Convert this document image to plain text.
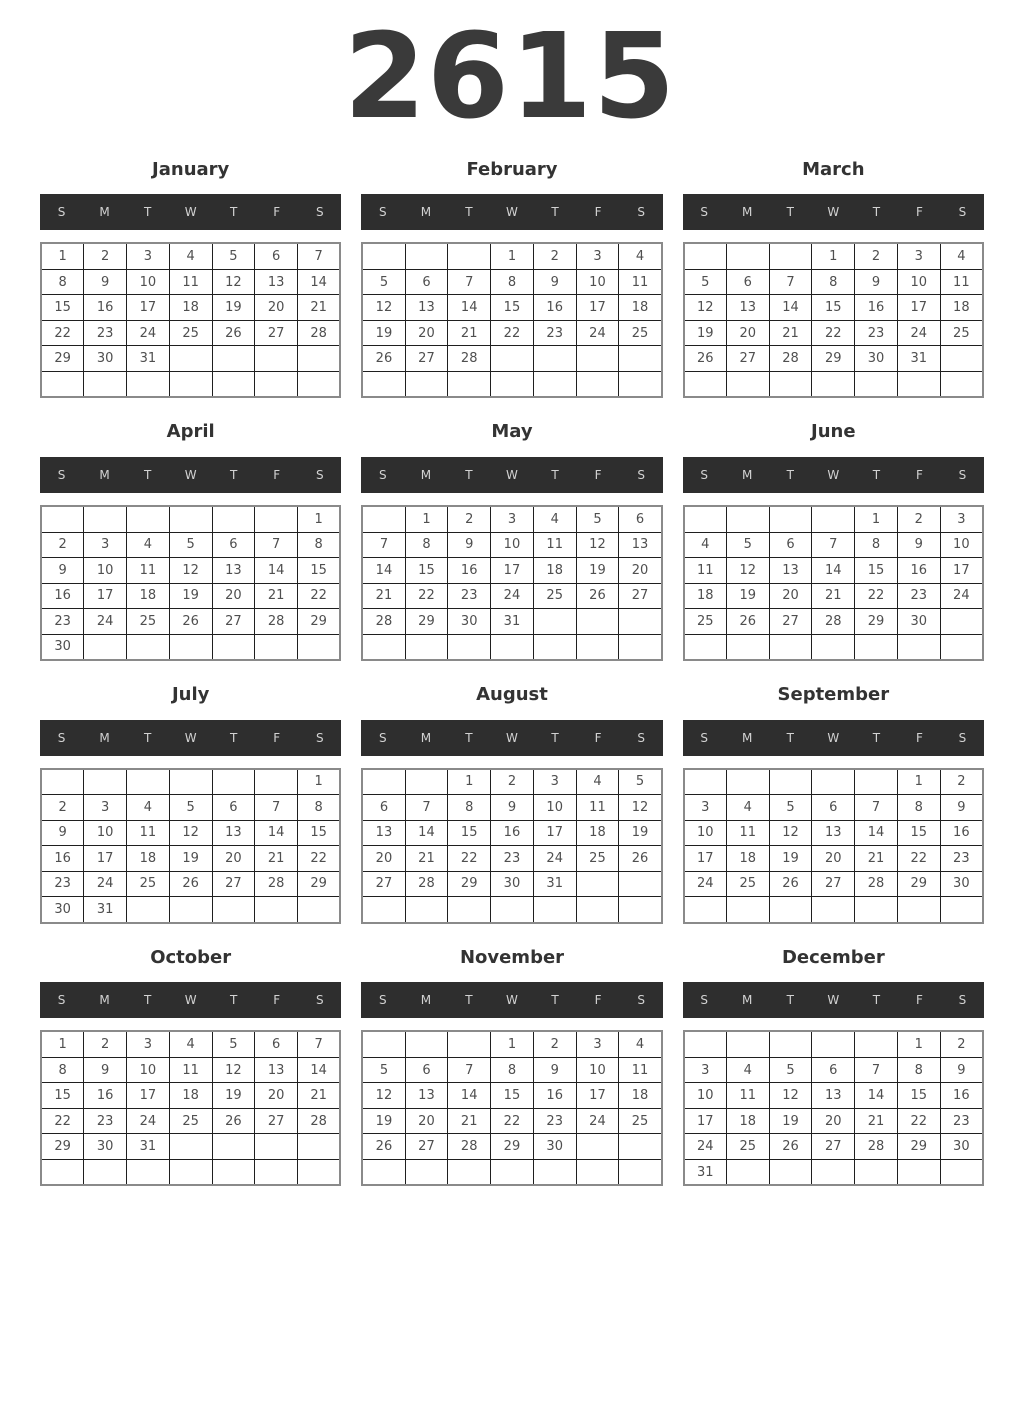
2615
January
S	M	T	W	T	F	S
1	2	3	4	5	6	7
8	9	10	11	12	13	14
15	16	17	18	19	20	21
22	23	24	25	26	27	28
29	30	31				

February
S	M	T	W	T	F	S
			1	2	3	4
5	6	7	8	9	10	11
12	13	14	15	16	17	18
19	20	21	22	23	24	25
26	27	28				

March
S	M	T	W	T	F	S
			1	2	3	4
5	6	7	8	9	10	11
12	13	14	15	16	17	18
19	20	21	22	23	24	25
26	27	28	29	30	31	

April
S	M	T	W	T	F	S
						1
2	3	4	5	6	7	8
9	10	11	12	13	14	15
16	17	18	19	20	21	22
23	24	25	26	27	28	29
30						
May
S	M	T	W	T	F	S
	1	2	3	4	5	6
7	8	9	10	11	12	13
14	15	16	17	18	19	20
21	22	23	24	25	26	27
28	29	30	31			

June
S	M	T	W	T	F	S
				1	2	3
4	5	6	7	8	9	10
11	12	13	14	15	16	17
18	19	20	21	22	23	24
25	26	27	28	29	30	

July
S	M	T	W	T	F	S
						1
2	3	4	5	6	7	8
9	10	11	12	13	14	15
16	17	18	19	20	21	22
23	24	25	26	27	28	29
30	31					
August
S	M	T	W	T	F	S
		1	2	3	4	5
6	7	8	9	10	11	12
13	14	15	16	17	18	19
20	21	22	23	24	25	26
27	28	29	30	31		

September
S	M	T	W	T	F	S
					1	2
3	4	5	6	7	8	9
10	11	12	13	14	15	16
17	18	19	20	21	22	23
24	25	26	27	28	29	30

October
S	M	T	W	T	F	S
1	2	3	4	5	6	7
8	9	10	11	12	13	14
15	16	17	18	19	20	21
22	23	24	25	26	27	28
29	30	31				

November
S	M	T	W	T	F	S
			1	2	3	4
5	6	7	8	9	10	11
12	13	14	15	16	17	18
19	20	21	22	23	24	25
26	27	28	29	30		

December
S	M	T	W	T	F	S
					1	2
3	4	5	6	7	8	9
10	11	12	13	14	15	16
17	18	19	20	21	22	23
24	25	26	27	28	29	30
31						
